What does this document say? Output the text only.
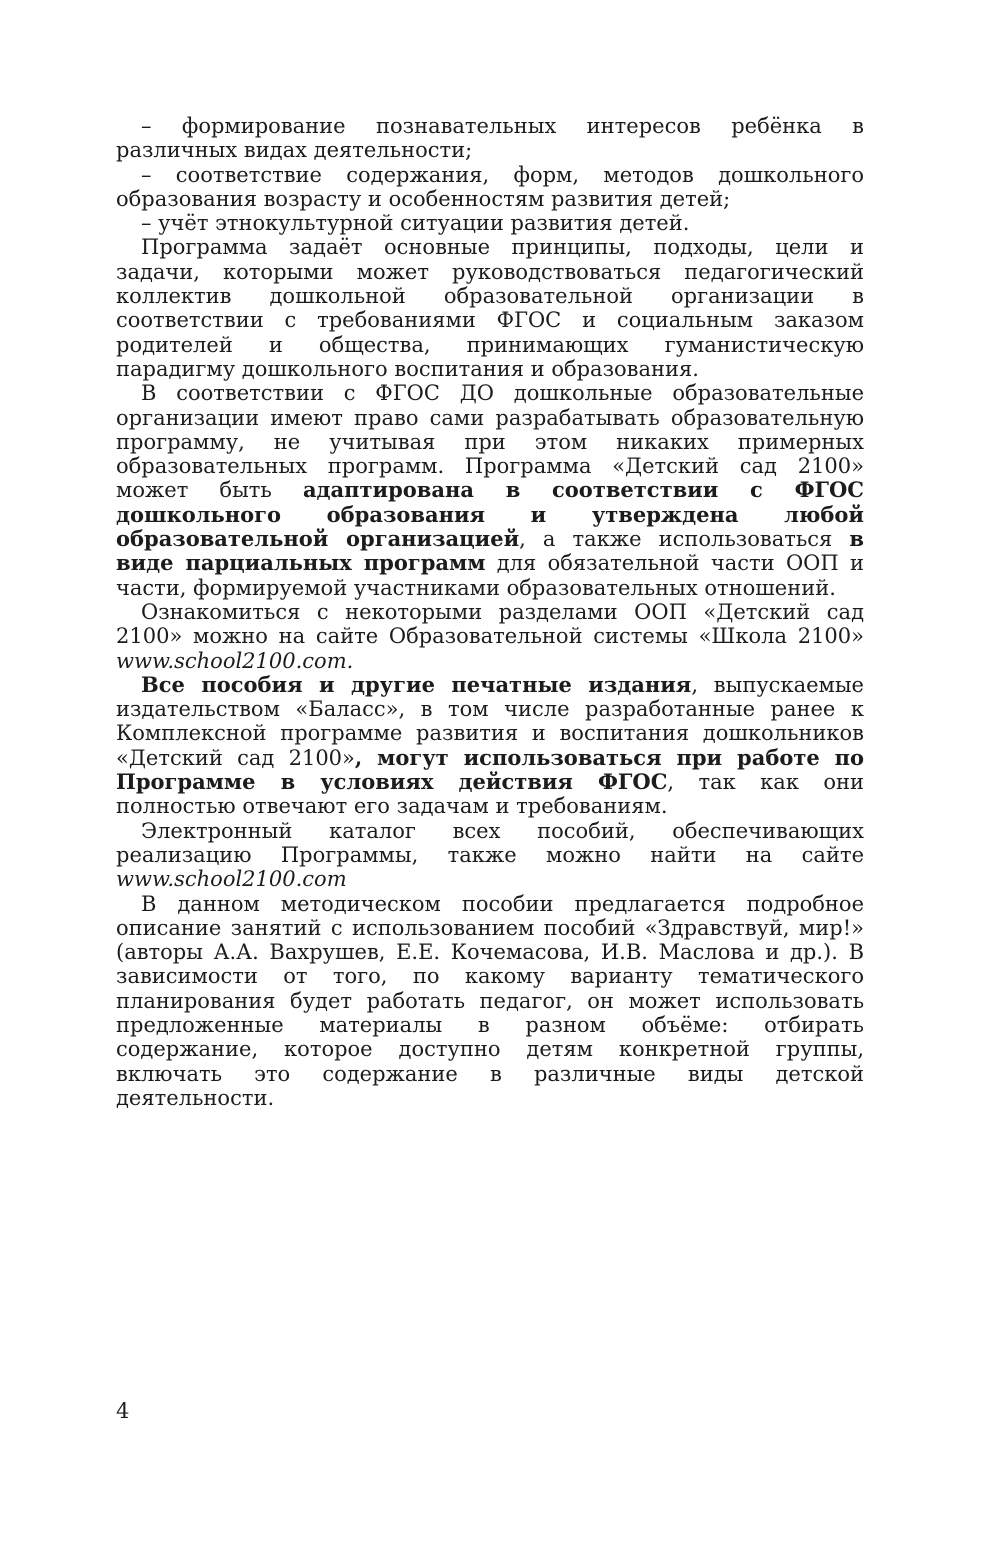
– формирование познавательных интересов ребёнка в различных видах деятельности;

– соответствие содержания, форм, методов дошкольного образования возрасту и особенностям развития детей;

– учёт этнокультурной ситуации развития детей.

Программа задаёт основные принципы, подходы, цели и задачи, которыми может руководствоваться педагогический коллектив дошкольной образовательной организации в соответствии с требованиями ФГОС и социальным заказом родителей и общества, принимающих гуманистическую парадигму дошкольного воспитания и образования.

В соответствии с ФГОС ДО дошкольные образовательные организации имеют право сами разрабатывать образовательную программу, не учитывая при этом никаких примерных образовательных программ. Программа «Детский сад 2100» может быть адаптирована в соответствии с ФГОС дошкольного образования и утверждена любой образовательной организацией, а также использоваться в виде парциальных программ для обязательной части ООП и части, формируемой участниками образовательных отношений.

Ознакомиться с некоторыми разделами ООП «Детский сад 2100» можно на сайте Образовательной системы «Школа 2100» www.school2100.com.

Все пособия и другие печатные издания, выпускаемые издательством «Баласс», в том числе разработанные ранее к Комплексной программе развития и воспитания дошкольников «Детский сад 2100», могут использоваться при работе по Программе в условиях действия ФГОС, так как они полностью отвечают его задачам и требованиям.

Электронный каталог всех пособий, обеспечивающих реализацию Программы, также можно найти на сайте www.school2100.com

В данном методическом пособии предлагается подробное описание занятий с использованием пособий «Здравствуй, мир!» (авторы А.А. Вахрушев, Е.Е. Кочемасова, И.В. Маслова и др.). В зависимости от того, по какому варианту тематического планирования будет работать педагог, он может использовать предложенные материалы в разном объёме: отбирать содержание, которое доступно детям конкретной группы, включать это содержание в различные виды детской деятельности.

4
